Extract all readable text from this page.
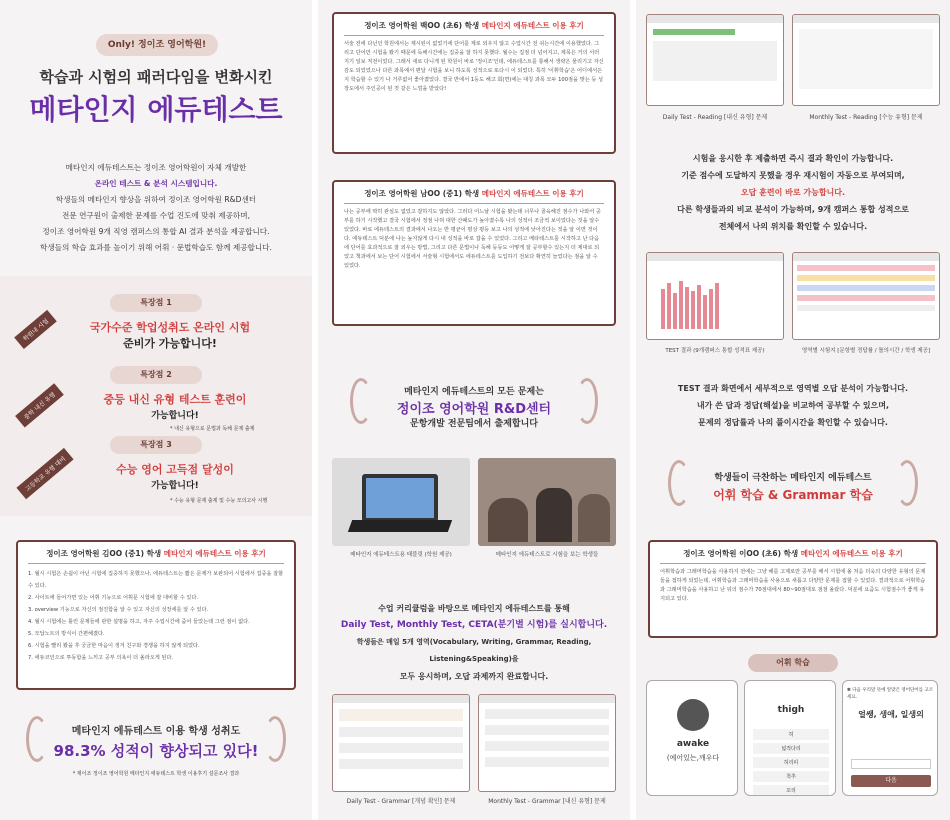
Only! 정이조 영어학원!
학습과 시험의 패러다임을 변화시킨
메타인지 에듀테스트
메타인지 에듀테스트는 정이조 영어학원이 자체 개발한
온라인 테스트 & 분석 시스템입니다.
학생들의 메타인지 향상을 위하여 정이조 영어학원 R&D센터
전문 연구원이 출제한 문제를 수업 진도에 맞춰 제공하며,
정이조 영어학원 9개 직영 캠퍼스의 통합 AI 결과 분석을 제공합니다.
학생들의 학습 효과를 높이기 위해 어휘 · 문법학습도 함께 제공합니다.
특장점 1
학원내 시험	국가수준 학업성취도 온라인 시험
준비가 가능합니다!
특장점 2
중학 내신 유형	중등 내신 유형 테스트 훈련이
가능합니다!
* 내신 유형으로 문법과 독해 문제 출제
특장점 3
고등학교 유형 대비	수능 영어 고득점 달성이
가능합니다!
* 수능 유형 문제 출제 및 수능 모의고사 시행
정이조 영어학원 김OO (중1) 학생 메타인지 에듀테스트 이용 후기
1. 월시 시험은 손쉽이 아닌 시험에 집중하지 못했으나, 에듀테스트는 짧은 문제가 보완되어 시험에서 집중을 잘할 수 있다.
2. 사이트에 들어가면 있는 어휘 기능으로 어휘문 시험에 잘 대비할 수 있다.
3. overview 기능으로 자신의 점진함을 알 수 있고 자신의 성장세를 알 수 있다.
4. 월시 시험에는 틀린 문제들에 관한 설명을 하고, 자주 수업시간에 줌어 들었는데 그런 점이 없다.
5. 모답노트의 방식이 간편해졌다.
6. 시험을 빨리 봤을 후 궁금한 마음이 생겨 친구와 경쟁을 하지 않게 되었다.
7. 에듀코인으로 투동함을 느끼고 공부 의욕이 더 올라오게 된다.
메타인지 에듀테스트 이용 학생 성취도
98.3% 성적이 향상되고 있다!
* 제이조 정이조 영어학원 메타인지 에듀테스트 학생 이용후기 설문조사 결과
정이조 영어학원 백OO (초6) 학생 메타인지 에듀테스트 이용 후기
서술 전에 다닌던 학원에서는 제시된이 없었기에 단어를 제로 외우지 않고 수업시간 전 쉬는시간에 이용했었다. 그리고 단어만 시험을 봤기 때문에 독해시간에는 집중을 잘 하지 못했다. 월수는 집점 더 넘어지고, 제목은 거의 서러지기 일보 직전이었다. 그래서 새로 다니게 된 학원이 바로 '정이조'인데, 에듀테스트를 통해서 생략은 물리기고 자신감도 되었었으나 다른 과목에서 편달 시험을 보니 하도록 성적으로 또다시 이 되었다. 특히 '이휘학습'은 어디에서든지 학습할 수 있기 나 거루없어 좋아졌었다. 결국 반에서 1등도 해고 회(면)에는 대칭 과목 모두 100점을 맞는 등 성장도에서 주인공이 된 것 같은 느낌을 받았다!
정이조 영어학원 남OO (중1) 학생 메타인지 에듀테스트 이용 후기
나는 공부에 딱히 관심도 없었고 잘하지도 않았다. 그러다 어느날 시험을 봤는데 너무나 골육해진 점수가 나와서 공부를 하기 시작했고 결국 시험에서 정점 나혀 대한 산패도가 높아졌수록 나의 성적이 조금씩 보이었다는 것을 알수 있었다. 바로 에듀테스트의 결과에서 나오는 반 평균이 평상 평등 보고 나의 성적에 낮아진다는 것을 알 이면 것이다. 에듀테스트 덕분에 나는 높지않게 다시 내 성적을 바로 잡을 수 있었다. 그리고 메타테스트를 시작하고 난 다음에 단어를 효과적으로 잘 외우는 방법, 그리고 다른 문법이나 독해 등등도 어떻게 잘 공부할수 있는지 더 제대로 되었고 책과에서 보는 단어 시험에서 서술형 시험에서도 에듀테스트를 도입하기 전보다 확연히 늘었다는 점을 알 수 있었다.
메타인지 에듀테스트의 모든 문제는
정이조 영어학원 R&D센터
문항개발 전문팀에서 출제합니다
메타인지 에듀테스트용 태블릿 (학원 제공)	메타인지 에듀테스트로 시험을 보는 학생들
수업 커리큘럼을 바탕으로 메타인지 에듀테스트를 통해
Daily Test, Monthly Test, CETA(분기별 시험)를 실시합니다.
학생들은 매일 5개 영역(Vocabulary, Writing, Grammar, Reading, Listening&Speaking)을
모두 응시하며, 오답 과제까지 완료합니다.
Daily Test - Grammar [개념 확인] 문제	Monthly Test - Grammar [내신 유형] 문제
Daily Test - Reading [내신 유형] 문제	Monthly Test - Reading [수능 유형] 문제
시험을 응시한 후 제출하면 즉시 결과 확인이 가능합니다.
기준 점수에 도달하지 못했을 경우 재시험이 자동으로 부여되며,
오답 훈련이 바로 가능합니다.
다른 학생들과의 비교 분석이 가능하며, 9개 캠퍼스 통합 성적으로
전체에서 나의 위치를 확인할 수 있습니다.
TEST 결과 (9개캠퍼스 통합 성적표 제공)	영역별 시험지 [문항별 정답률 / 틀의시간 / 학생 제공]
TEST 결과 화면에서 세부적으로 영역별 오답 분석이 가능합니다.
내가 쓴 답과 정답(해설)을 비교하여 공부할 수 있으며,
문제의 정답률과 나의 풀이시간을 확인할 수 있습니다.
학생들이 극찬하는 메타인지 에듀테스트
어휘 학습 & Grammar 학습
정이조 영어학원 이OO (초6) 학생 메타인지 에듀테스트 이용 후기
어휘학습과 그래머학습을 사용하지 전에는 그냥 해를 고제로만 공부를 해서 시험에 올 처음 더욱의 다양한 유형의 문제들을 접하게 되었는데, 어휘학습과 그래머학습을 사용으로 새롭고 다양한 문제를 접할 수 있었다. 결과적으로 어휘학습과 그래머학습을 사용하고 난 뒤의 점수가 70점대에서 80~90점대로 점점 올랐다. 덕분에 요즘도 시험점수가 좋게 유지되고 있다.
어휘 학습
awake
(예어있는,깨우다
thigh
허
넓적다리
허리띠
척추
꼬리
✽ 다음 우리말 뜻에 알맞은 영어단어를 고르세요.
얼쌩, 생애, 일생의
다음
